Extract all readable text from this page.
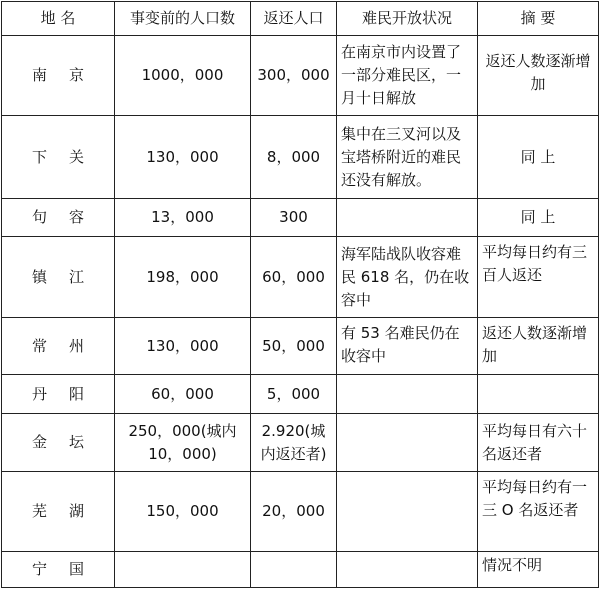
地 名	事变前的人口数	返还人口	难民开放状况	摘 要
南 京	1000，000	300，000	在南京市内设置了一部分难民区，一月十日解放	返还人数逐渐增加
下 关	130，000	8，000	集中在三叉河以及宝塔桥附近的难民还没有解放。	同 上
句 容	13，000	300		同 上
镇 江	198，000	60，000	海军陆战队收容难民 618 名，仍在收容中	平均每日约有三百人返还
常 州	130，000	50，000	有 53 名难民仍在收容中	返还人数逐渐增加
丹 阳	60，000	5，000		
金 坛	250，000(城内 10，000)	2.920(城内返还者)		平均每日有六十名返还者
芜 湖	150，000	20，000		平均每日约有一三 O 名返还者
宁 国				情况不明
